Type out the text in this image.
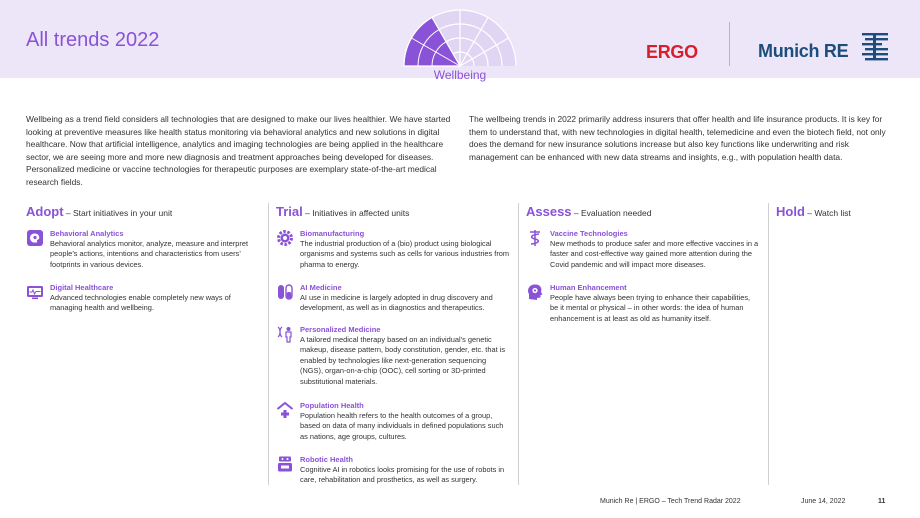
All trends 2022
Wellbeing
ERGO	Munich RE
Wellbeing as a trend field considers all technologies that are designed to make our lives healthier. We have started looking at preventive measures like health status monitoring via behavioral analytics and new solutions in digital healthcare. Now that artificial intelligence, analytics and imaging technologies are being applied in the healthcare sector, we are seeing more and more new diagnosis and treatment approaches being developed for diseases. Personalized medicine or vaccine technologies for therapeutic purposes are exemplary state-of-the-art medical research fields.
The wellbeing trends in 2022 primarily address insurers that offer health and life insurance products. It is key for them to understand that, with new technologies in digital health, telemedicine and even the biotech field, not only does the demand for new insurance solutions increase but also key functions like underwriting and risk management can be enhanced with new data streams and insights, e.g., with population health data.
Adopt – Start initiatives in your unit
Behavioral Analytics
Behavioral analytics monitor, analyze, measure and interpret people’s actions, intentions and characteristics from users’ footprints in various devices.
Digital Healthcare
Advanced technologies enable completely new ways of managing health and wellbeing.
Trial – Initiatives in affected units
Biomanufacturing
The industrial production of a (bio) product using biological organisms and systems such as cells for various industries from pharma to energy.
AI Medicine
AI use in medicine is largely adopted in drug discovery and development, as well as in diagnostics and therapeutics.
Personalized Medicine
A tailored medical therapy based on an individual’s genetic makeup, disease pattern, body constitution, gender, etc. that is enabled by technologies like next-generation sequencing (NGS), organ-on-a-chip (OOC), cell sorting or 3D-printed substitutional materials.
Population Health
Population health refers to the health outcomes of a group, based on data of many individuals in defined populations such as nations, age groups, cultures.
Robotic Health
Cognitive AI in robotics looks promising for the use of robots in care, rehabilitation and prosthetics, as well as surgery.
Assess – Evaluation needed
Vaccine Technologies
New methods to produce safer and more effective vaccines in a faster and cost-effective way gained more attention during the Covid pandemic and will impact more diseases.
Human Enhancement
People have always been trying to enhance their capabilities, be it mental or physical – in other words: the idea of human enhancement is at least as old as humanity itself.
Hold – Watch list
Munich Re | ERGO – Tech Trend Radar 2022	June 14, 2022	11
